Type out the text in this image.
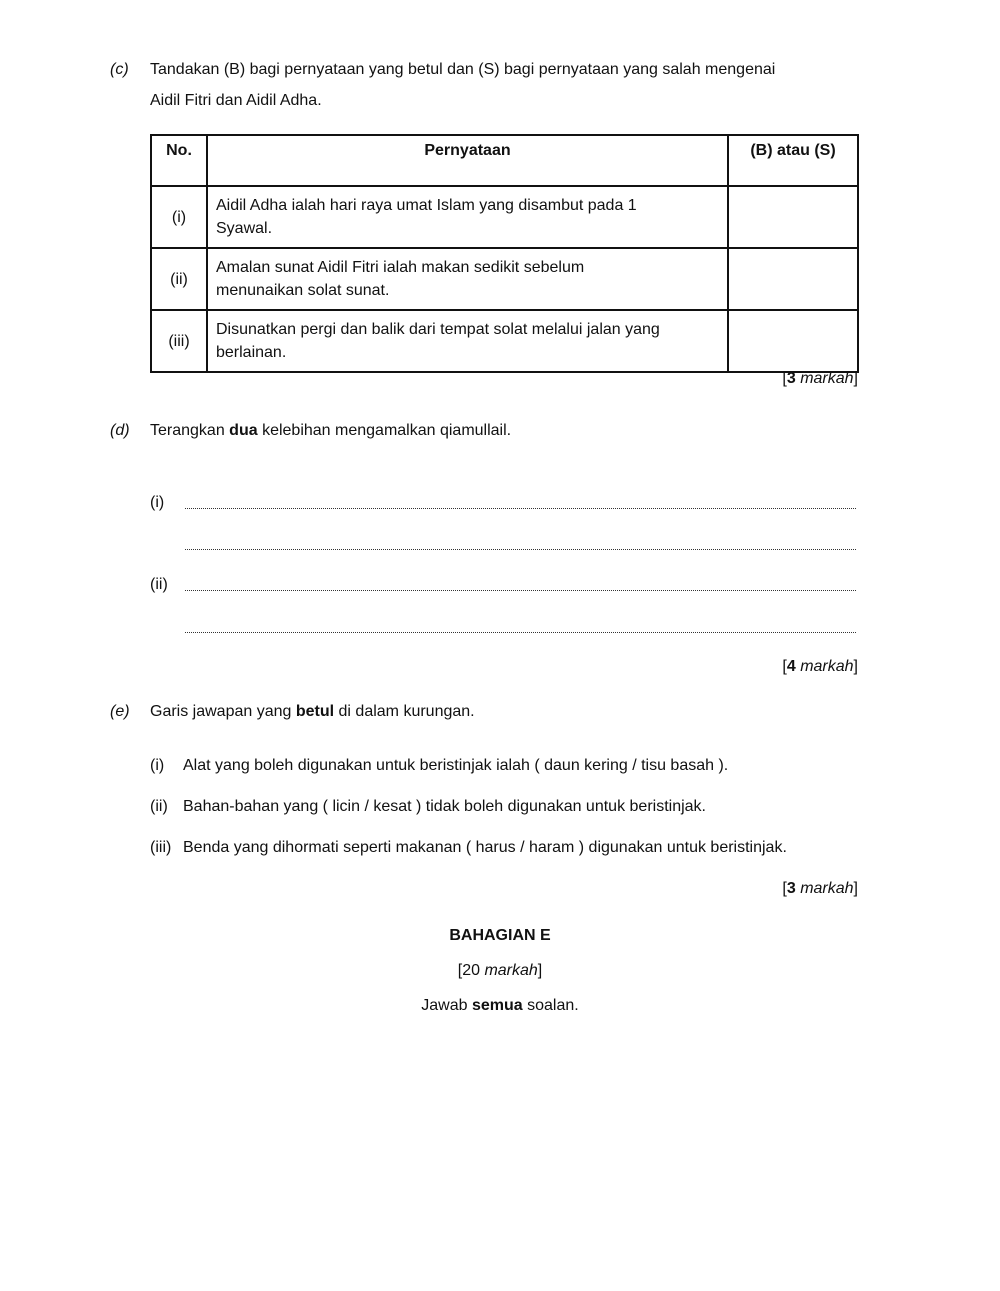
(c) Tandakan (B) bagi pernyataan yang betul dan (S) bagi pernyataan yang salah mengenai
Aidil Fitri dan Aidil Adha.
No.	Pernyataan	(B) atau (S)
(i)	Aidil Adha ialah hari raya umat Islam yang disambut pada 1
Syawal.	
(ii)	Amalan sunat Aidil Fitri ialah makan sedikit sebelum
menunaikan solat sunat.	
(iii)	Disunatkan pergi dan balik dari tempat solat melalui jalan yang
berlainan.	
[3 markah]
(d) Terangkan dua kelebihan mengamalkan qiamullail.
(i)
(ii)
[4 markah]
(e) Garis jawapan yang betul di dalam kurungan.
(i) Alat yang boleh digunakan untuk beristinjak ialah ( daun kering / tisu basah ).
(ii) Bahan-bahan yang ( licin / kesat ) tidak boleh digunakan untuk beristinjak.
(iii) Benda yang dihormati seperti makanan ( harus / haram ) digunakan untuk beristinjak.
[3 markah]
BAHAGIAN E
[20 markah]
Jawab semua soalan.
